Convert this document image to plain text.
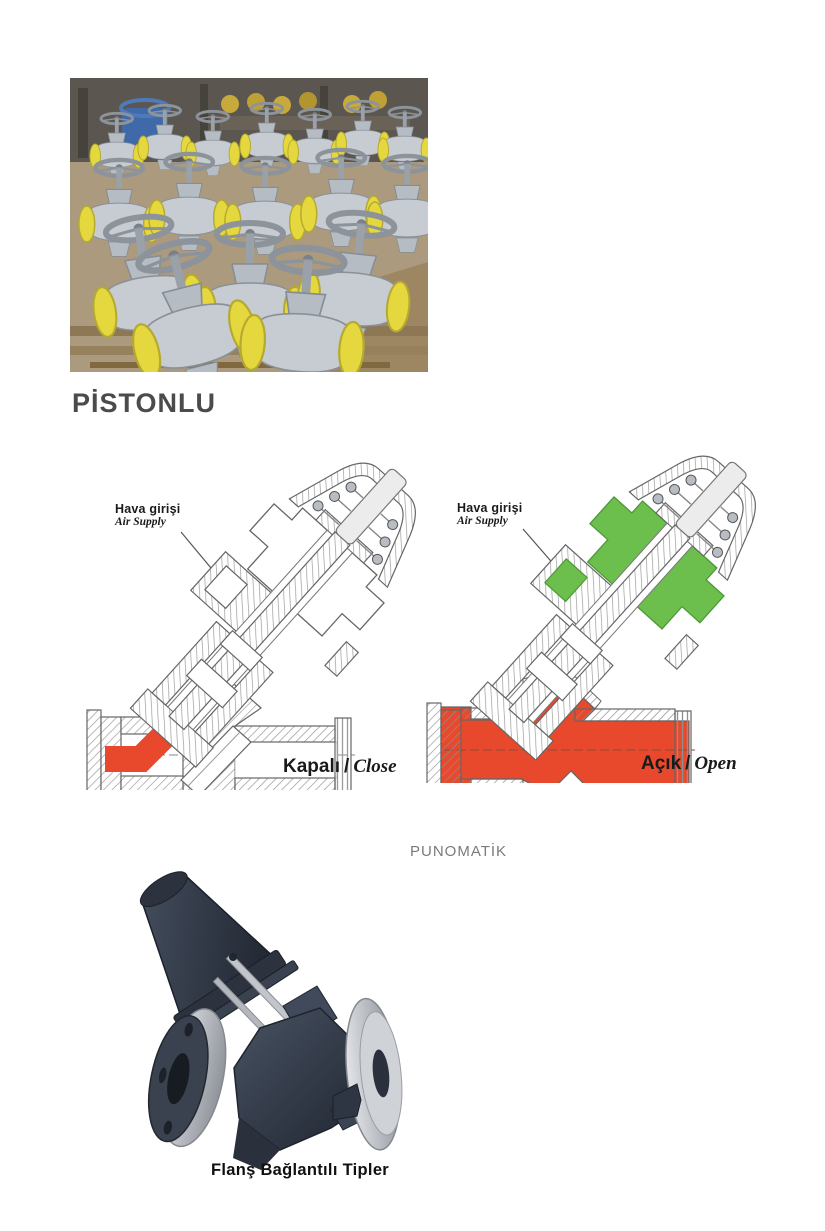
PİSTONLU
Hava girişi
Air Supply
Kapalı / Close
Hava girişi
Air Supply
Açık / Open
PUNOMATİK
Flanş Bağlantılı Tipler
